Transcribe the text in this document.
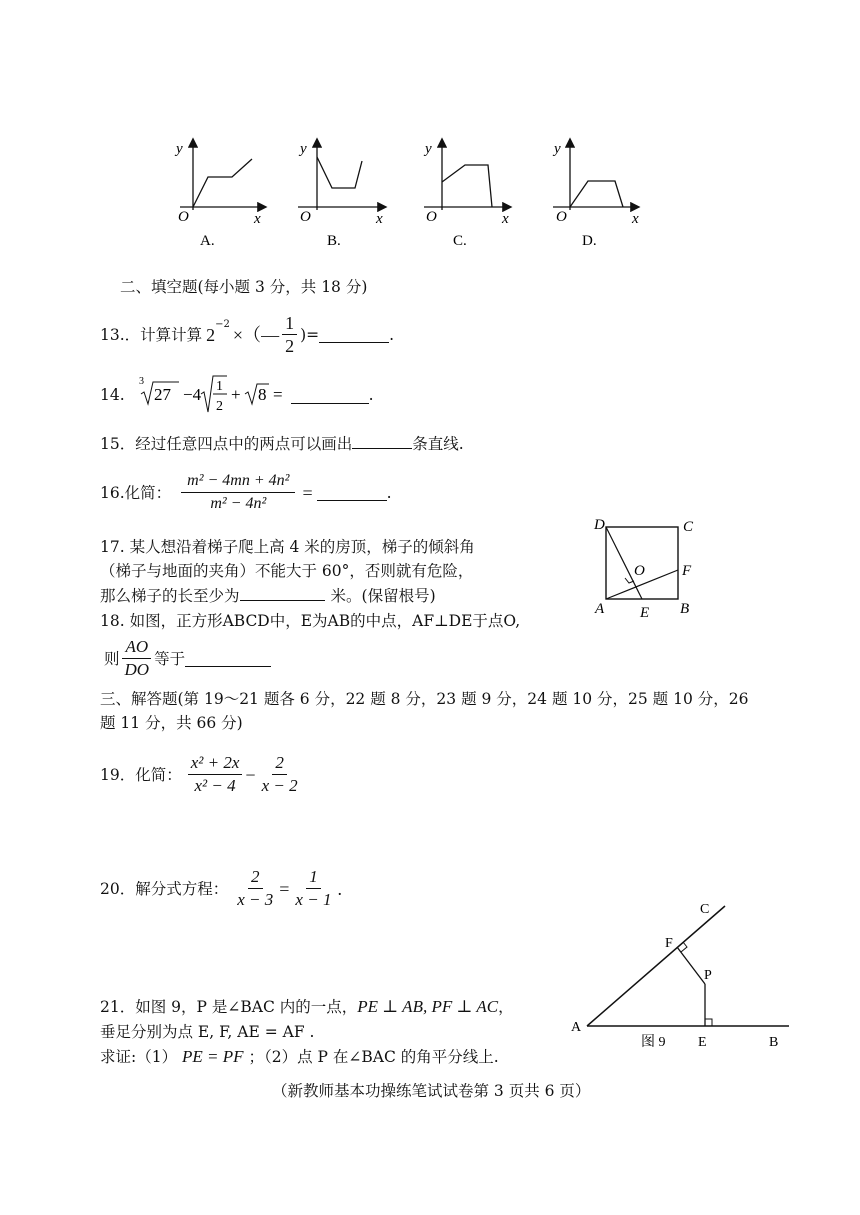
y
O	x
A.
y
O	x
B.
y
O	x
C.
y
O	x
D.
二、填空题(每小题 3 分，共 18 分)
13.．计算计算 2
−2
×（ — $\frac{1}{2}$ )=	.
14.
3
27 −4 1
2
+ 8 =	.
15．经过任意四点中的两点可以画出	条直线.
16.化简： $\frac{\text{m² − 4mn + 4n²}}{\text{m² − 4n²}}$ =	.
17. 某人想沿着梯子爬上高 4 米的房顶，梯子的倾斜角
（梯子与地面的夹角）不能大于 60°，否则就有危险，
那么梯子的长至少为	米。(保留根号)
18. 如图，正方形ABCD中，E为AB的中点，AF⊥DE于点O,
则 $\frac{AO}{DO}$ 等于
D	C
O F
A E B
三、解答题(第 19～21 题各 6 分，22 题 8 分，23 题 9 分，24 题 10 分，25 题 10 分，26
题 11 分，共 66 分)
19．化简： $\frac{\text{x² + 2x}}{\text{x² − 4}} - \frac{2}{x - 2}$
20．解分式方程： $\frac{2}{x - 3} = \frac{1}{x - 1}$ .
C
F
P
A
图 9 E	B
21．如图 9，P 是∠BAC 内的一点，PE ⊥ AB, PF ⊥ AC，
垂足分别为点 E, F, AE = AF .
求证:（1） PE = PF ；（2）点 P 在∠BAC 的角平分线上.
（新教师基本功操练笔试试卷第 3 页共 6 页）
